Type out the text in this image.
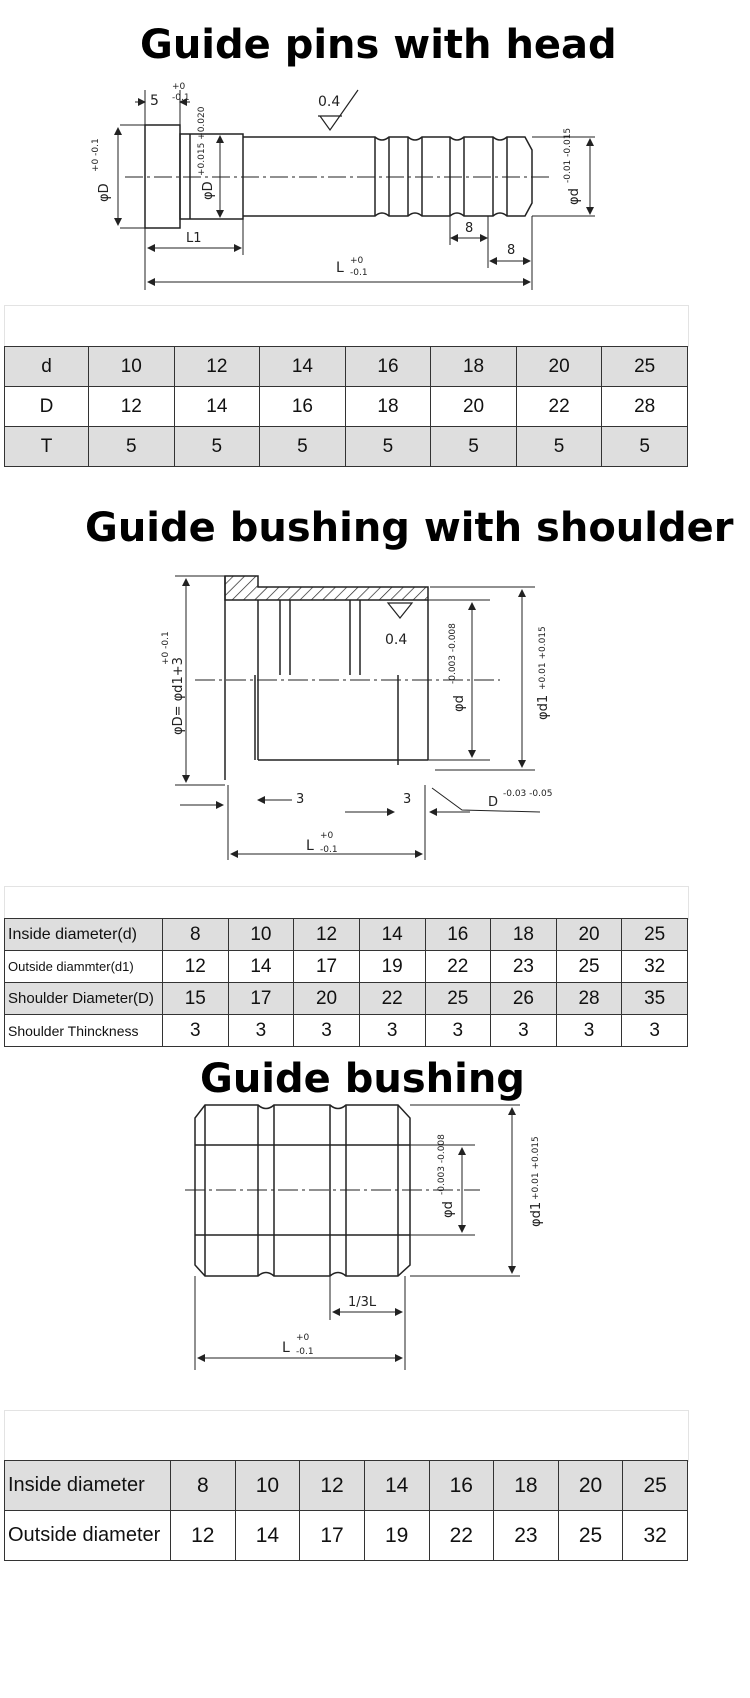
Guide pins with head
5
+0
-0.1
φD
+0 -0.1
φD
+0.015 +0.020
0.4
φd
-0.01 -0.015
L1
8
8
L +0
-0.1
d	10	12	14	16	18	20	25
D	12	14	16	18	20	22	28
T	5	5	5	5	5	5	5
Guide bushing with shoulder
φD= φd1+3
+0 -0.1	0.4
φd
-0.003 -0.008
φd1
+0.01 +0.015
3	3	D
-0.03 -0.05
L
+0
-0.1
Inside diameter(d)	8	10	12	14	16	18	20	25
Outside diammter(d1)	12	14	17	19	22	23	25	32
Shoulder Diameter(D)	15	17	20	22	25	26	28	35
Shoulder Thinckness	3	3	3	3	3	3	3	3
Guide bushing
φd
-0.003 -0.008
φd1
+0.01 +0.015
1/3L
L
+0
-0.1
Inside diameter	8	10	12	14	16	18	20	25
Outside diameter	12	14	17	19	22	23	25	32
